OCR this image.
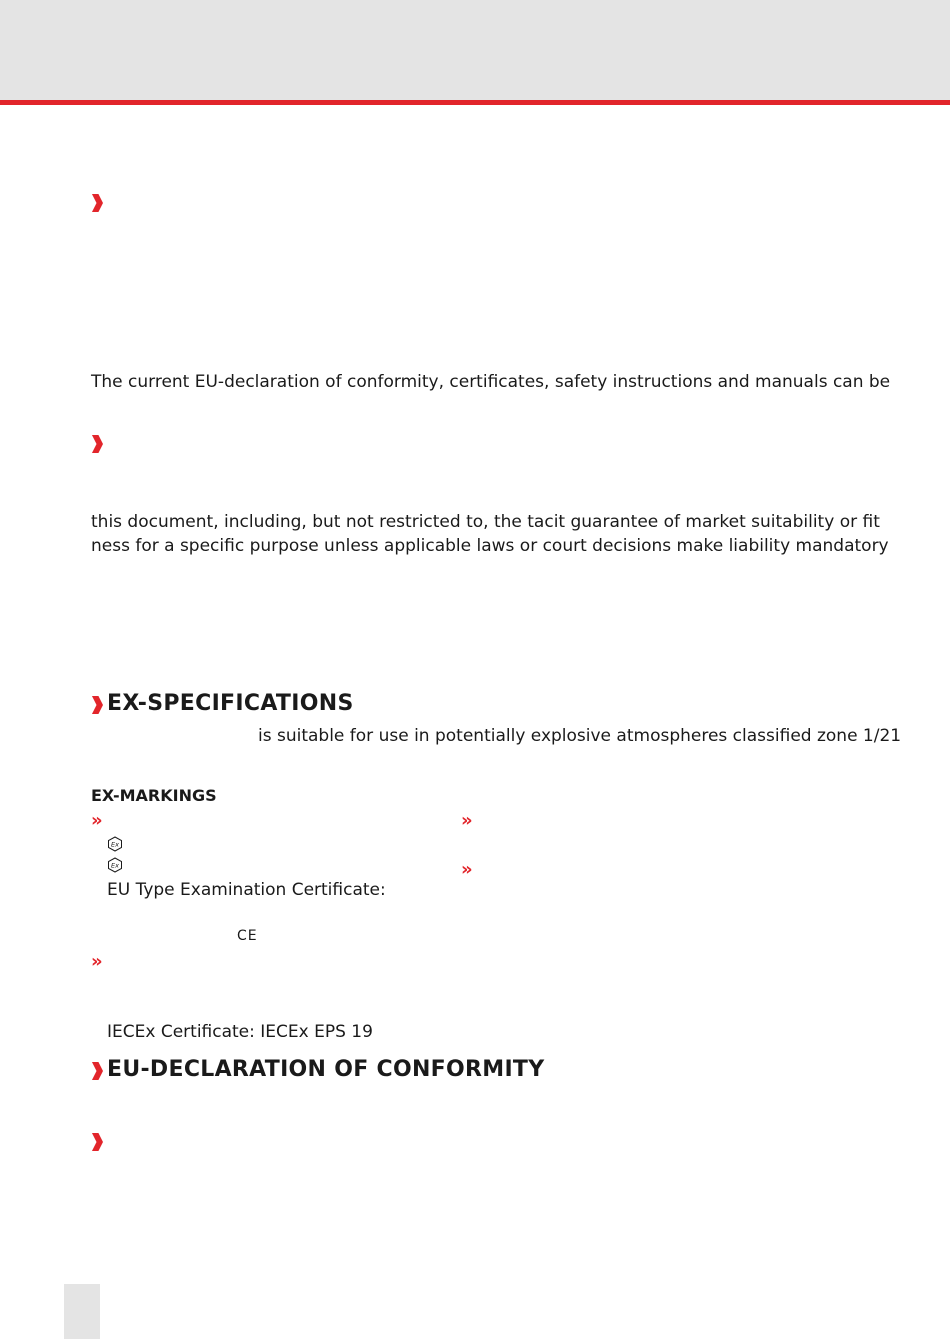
The current EU-declaration of conformity, certificates, safety instructions and manuals can be
this document, including, but not restricted to, the tacit guarantee of market suitability or fit
ness for a specific purpose unless applicable laws or court decisions make liability mandatory
EX-SPECIFICATIONS
is suitable for use in potentially explosive atmospheres classified zone 1/21
EX-MARKINGS
»	»
Ex
Ex	»
EU Type Examination Certificate:
CE
»
IECEx Certificate: IECEx EPS 19
EU-DECLARATION OF CONFORMITY
